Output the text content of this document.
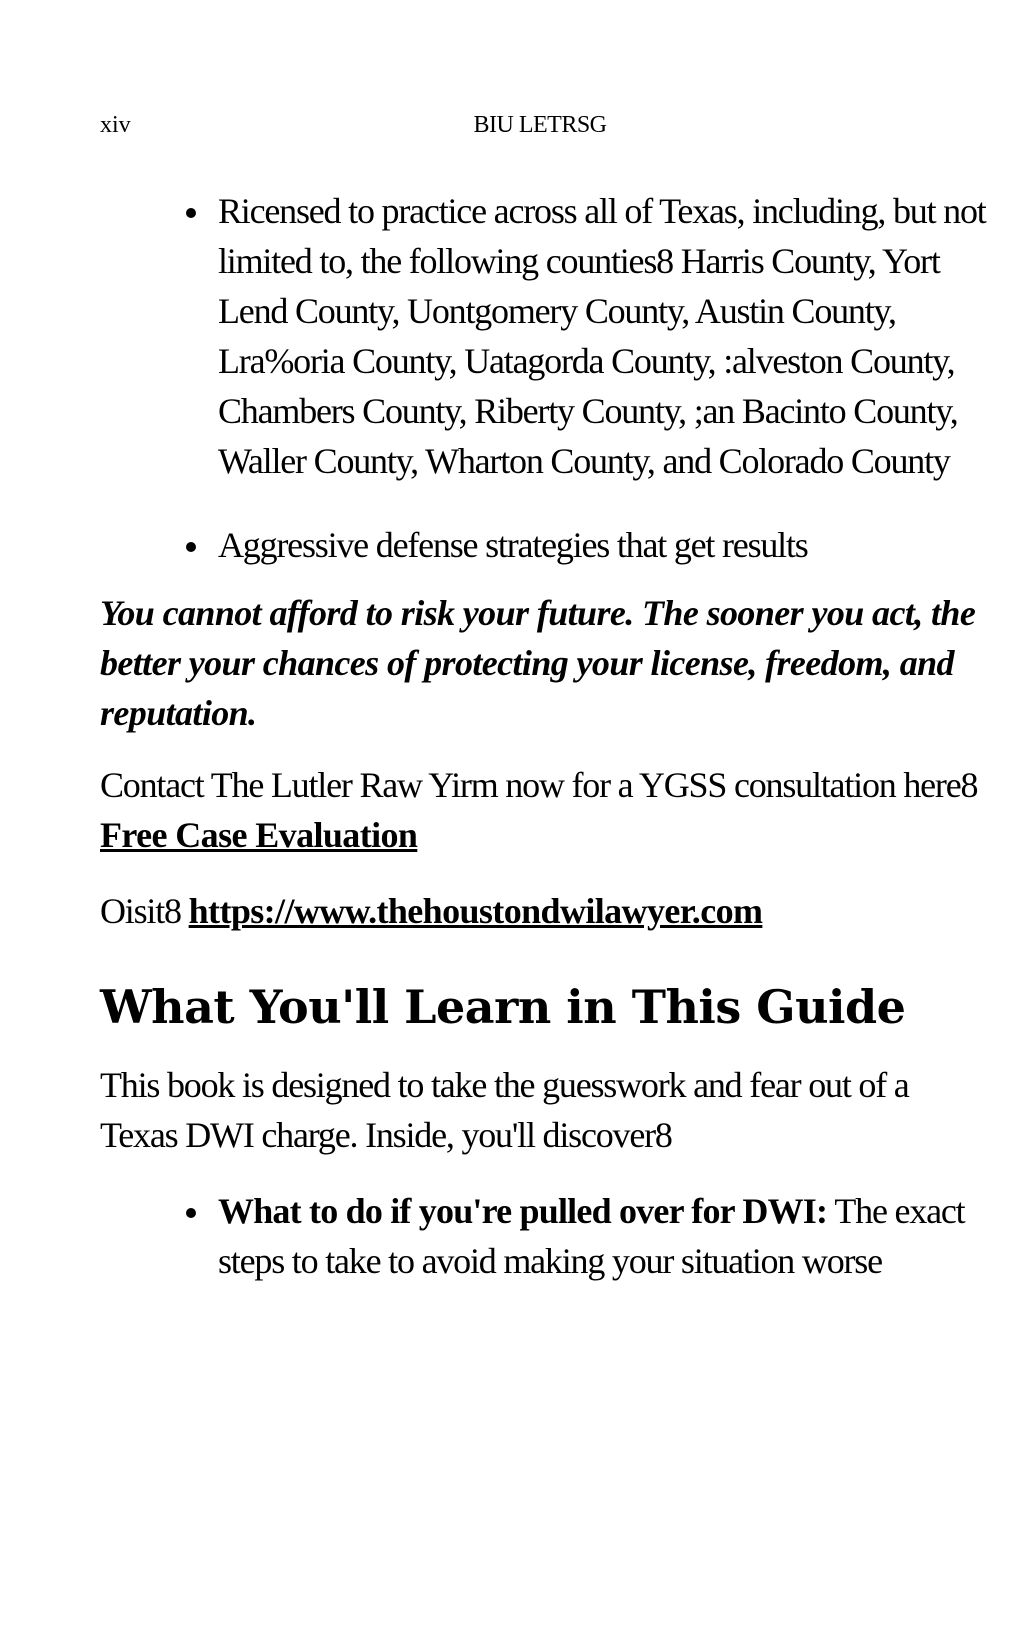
xiv	BIU LETRSG
Ricensed to practice across all of Texas, including, but not limited to, the following counties8 Harris County, Yort Lend County, Uontgomery County, Austin County, Lra%oria County, Uatagorda County, :alveston County, Chambers County, Riberty County, ;an Bacinto County, Waller County, Wharton County, and Colorado County
Aggressive defense strategies that get results

You cannot afford to risk your future. The sooner you act, the better your chances of protecting your license, freedom, and reputation.

Contact The Lutler Raw Yirm now for a YGSS consultation here8 Free Case Evaluation

Oisit8 https://www.thehoustondwilawyer.com

What You'll Learn in This Guide

This book is designed to take the guesswork and fear out of a Texas DWI charge. Inside, you'll discover8

What to do if you're pulled over for DWI: The exact steps to take to avoid making your situation worse
